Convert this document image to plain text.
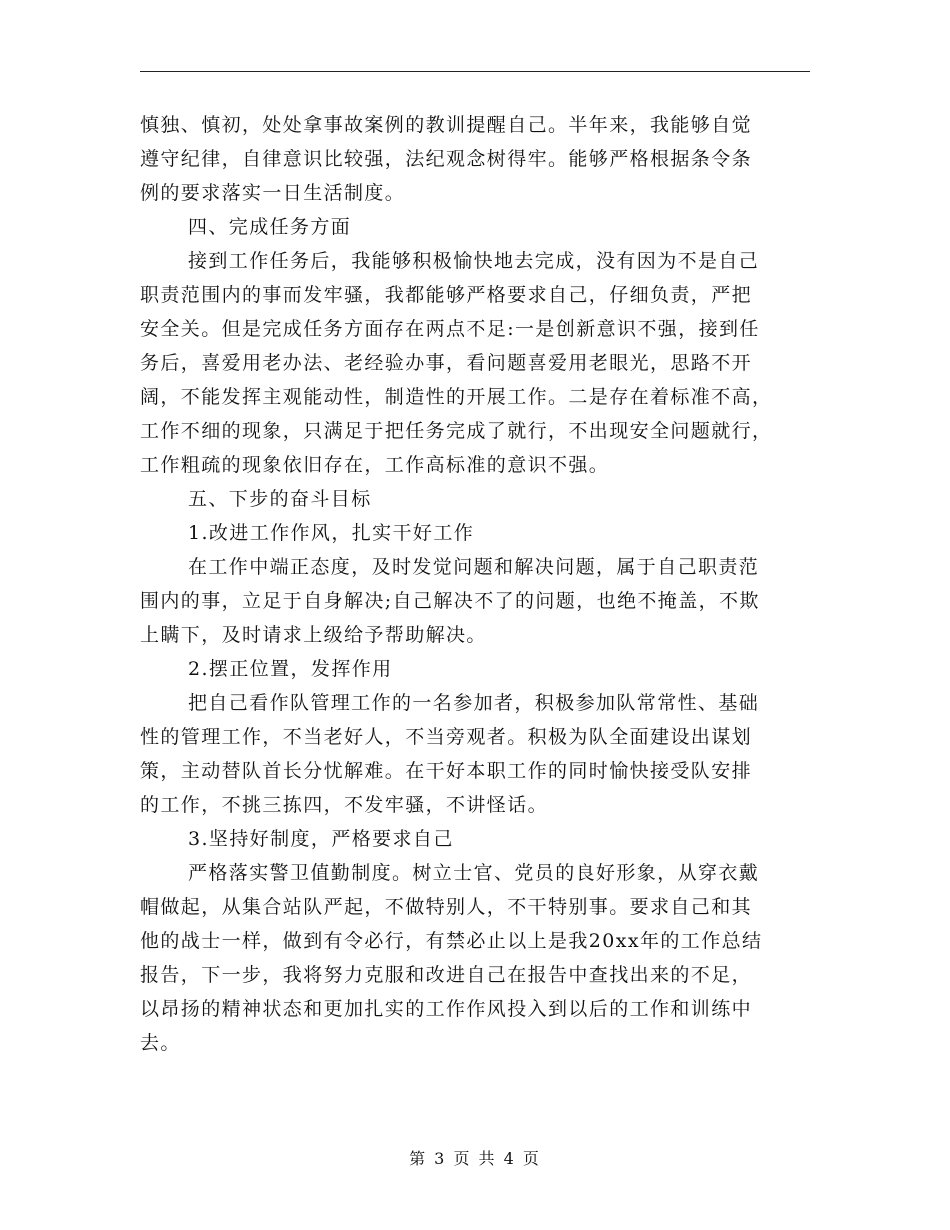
慎独、慎初，处处拿事故案例的教训提醒自己。半年来，我能够自觉
遵守纪律，自律意识比较强，法纪观念树得牢。能够严格根据条令条
例的要求落实一日生活制度。
四、完成任务方面
接到工作任务后，我能够积极愉快地去完成，没有因为不是自己
职责范围内的事而发牢骚，我都能够严格要求自己，仔细负责，严把
安全关。但是完成任务方面存在两点不足:一是创新意识不强，接到任
务后，喜爱用老办法、老经验办事，看问题喜爱用老眼光，思路不开
阔，不能发挥主观能动性，制造性的开展工作。二是存在着标准不高，
工作不细的现象，只满足于把任务完成了就行，不出现安全问题就行，
工作粗疏的现象依旧存在，工作高标准的意识不强。
五、下步的奋斗目标
1.改进工作作风，扎实干好工作
在工作中端正态度，及时发觉问题和解决问题，属于自己职责范
围内的事，立足于自身解决;自己解决不了的问题，也绝不掩盖，不欺
上瞒下，及时请求上级给予帮助解决。
2.摆正位置，发挥作用
把自己看作队管理工作的一名参加者，积极参加队常常性、基础
性的管理工作，不当老好人，不当旁观者。积极为队全面建设出谋划
策，主动替队首长分忧解难。在干好本职工作的同时愉快接受队安排
的工作，不挑三拣四，不发牢骚，不讲怪话。
3.坚持好制度，严格要求自己
严格落实警卫值勤制度。树立士官、党员的良好形象，从穿衣戴
帽做起，从集合站队严起，不做特别人，不干特别事。要求自己和其
他的战士一样，做到有令必行，有禁必止以上是我20xx年的工作总结
报告，下一步，我将努力克服和改进自己在报告中查找出来的不足，
以昂扬的精神状态和更加扎实的工作作风投入到以后的工作和训练中
去。
第 3 页 共 4 页
